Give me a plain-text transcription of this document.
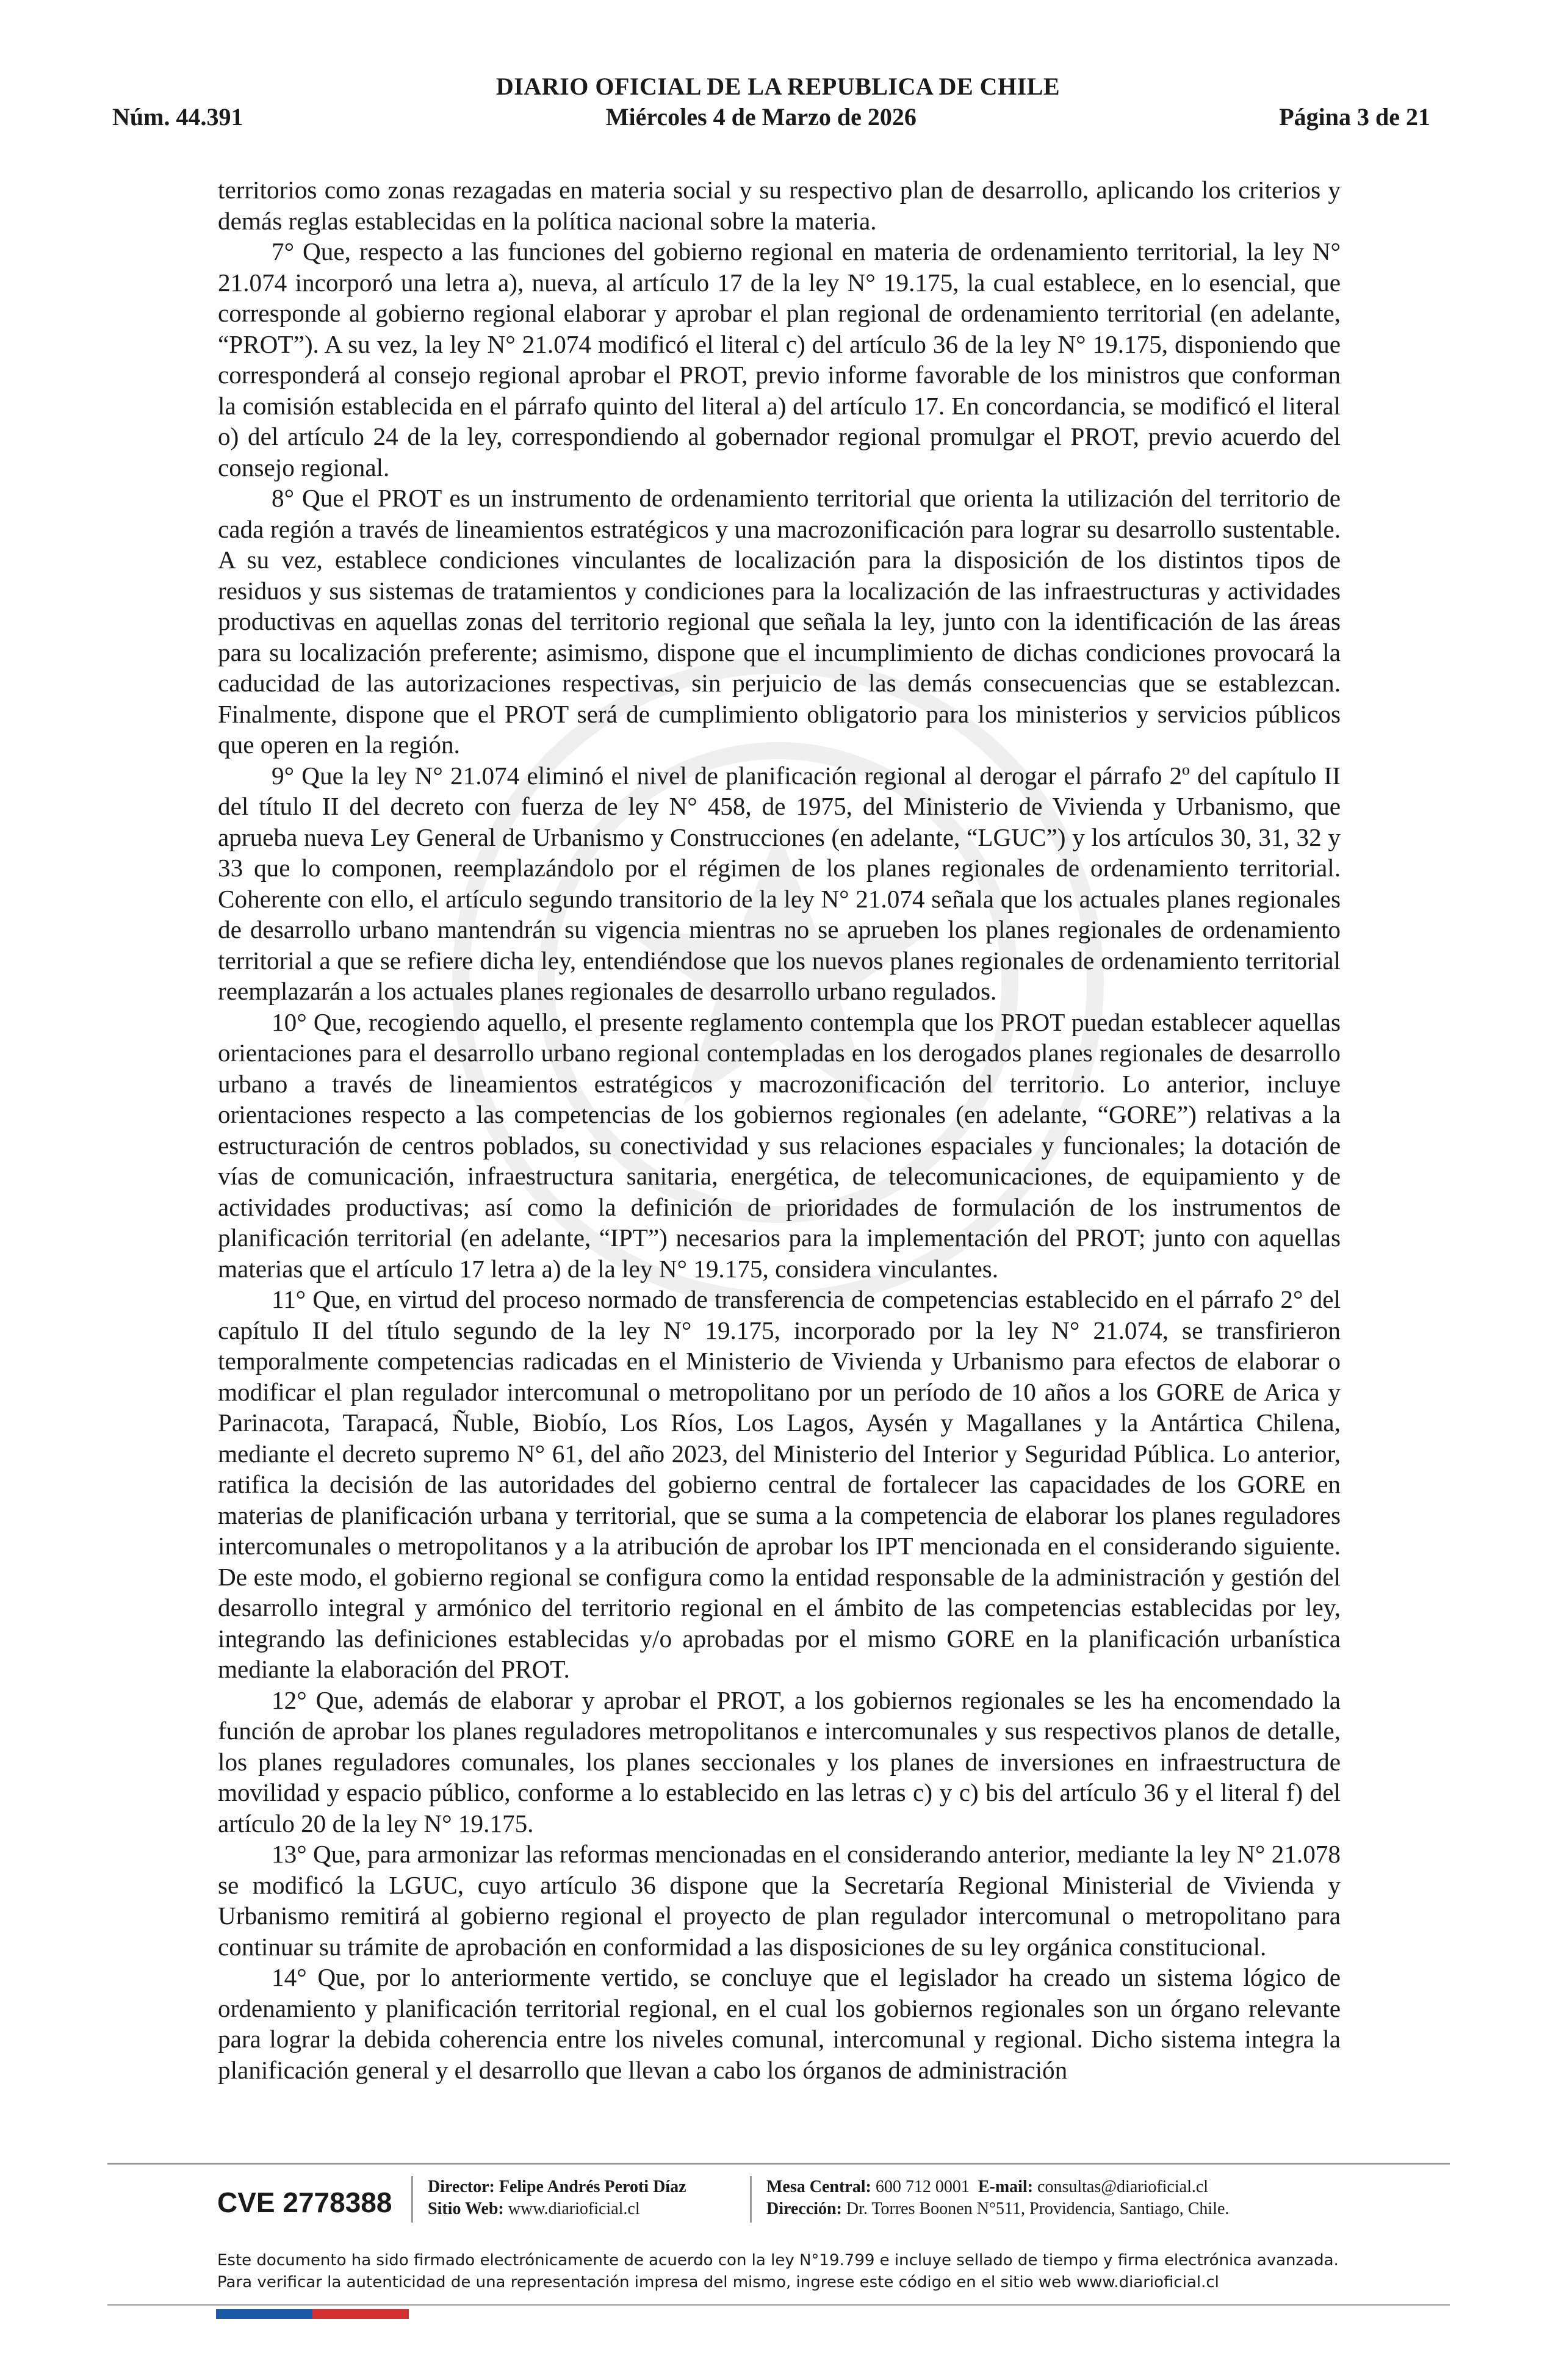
DIARIO OFICIAL DE LA REPUBLICA DE CHILE
Núm. 44.391	Miércoles 4 de Marzo de 2026	Página 3 de 21

territorios como zonas rezagadas en materia social y su respectivo plan de desarrollo, aplicando los criterios y demás reglas establecidas en la política nacional sobre la materia.

7° Que, respecto a las funciones del gobierno regional en materia de ordenamiento territorial, la ley N° 21.074 incorporó una letra a), nueva, al artículo 17 de la ley N° 19.175, la cual establece, en lo esencial, que corresponde al gobierno regional elaborar y aprobar el plan regional de ordenamiento territorial (en adelante, “PROT”). A su vez, la ley N° 21.074 modificó el literal c) del artículo 36 de la ley N° 19.175, disponiendo que corresponderá al consejo regional aprobar el PROT, previo informe favorable de los ministros que conforman la comisión establecida en el párrafo quinto del literal a) del artículo 17. En concordancia, se modificó el literal o) del artículo 24 de la ley, correspondiendo al gobernador regional promulgar el PROT, previo acuerdo del consejo regional.

8° Que el PROT es un instrumento de ordenamiento territorial que orienta la utilización del territorio de cada región a través de lineamientos estratégicos y una macrozonificación para lograr su desarrollo sustentable. A su vez, establece condiciones vinculantes de localización para la disposición de los distintos tipos de residuos y sus sistemas de tratamientos y condiciones para la localización de las infraestructuras y actividades productivas en aquellas zonas del territorio regional que señala la ley, junto con la identificación de las áreas para su localización preferente; asimismo, dispone que el incumplimiento de dichas condiciones provocará la caducidad de las autorizaciones respectivas, sin perjuicio de las demás consecuencias que se establezcan. Finalmente, dispone que el PROT será de cumplimiento obligatorio para los ministerios y servicios públicos que operen en la región.

9° Que la ley N° 21.074 eliminó el nivel de planificación regional al derogar el párrafo 2º del capítulo II del título II del decreto con fuerza de ley N° 458, de 1975, del Ministerio de Vivienda y Urbanismo, que aprueba nueva Ley General de Urbanismo y Construcciones (en adelante, “LGUC”) y los artículos 30, 31, 32 y 33 que lo componen, reemplazándolo por el régimen de los planes regionales de ordenamiento territorial. Coherente con ello, el artículo segundo transitorio de la ley N° 21.074 señala que los actuales planes regionales de desarrollo urbano mantendrán su vigencia mientras no se aprueben los planes regionales de ordenamiento territorial a que se refiere dicha ley, entendiéndose que los nuevos planes regionales de ordenamiento territorial reemplazarán a los actuales planes regionales de desarrollo urbano regulados.

10° Que, recogiendo aquello, el presente reglamento contempla que los PROT puedan establecer aquellas orientaciones para el desarrollo urbano regional contempladas en los derogados planes regionales de desarrollo urbano a través de lineamientos estratégicos y macrozonificación del territorio. Lo anterior, incluye orientaciones respecto a las competencias de los gobiernos regionales (en adelante, “GORE”) relativas a la estructuración de centros poblados, su conectividad y sus relaciones espaciales y funcionales; la dotación de vías de comunicación, infraestructura sanitaria, energética, de telecomunicaciones, de equipamiento y de actividades productivas; así como la definición de prioridades de formulación de los instrumentos de planificación territorial (en adelante, “IPT”) necesarios para la implementación del PROT; junto con aquellas materias que el artículo 17 letra a) de la ley N° 19.175, considera vinculantes.

11° Que, en virtud del proceso normado de transferencia de competencias establecido en el párrafo 2° del capítulo II del título segundo de la ley N° 19.175, incorporado por la ley N° 21.074, se transfirieron temporalmente competencias radicadas en el Ministerio de Vivienda y Urbanismo para efectos de elaborar o modificar el plan regulador intercomunal o metropolitano por un período de 10 años a los GORE de Arica y Parinacota, Tarapacá, Ñuble, Biobío, Los Ríos, Los Lagos, Aysén y Magallanes y la Antártica Chilena, mediante el decreto supremo N° 61, del año 2023, del Ministerio del Interior y Seguridad Pública. Lo anterior, ratifica la decisión de las autoridades del gobierno central de fortalecer las capacidades de los GORE en materias de planificación urbana y territorial, que se suma a la competencia de elaborar los planes reguladores intercomunales o metropolitanos y a la atribución de aprobar los IPT mencionada en el considerando siguiente. De este modo, el gobierno regional se configura como la entidad responsable de la administración y gestión del desarrollo integral y armónico del territorio regional en el ámbito de las competencias establecidas por ley, integrando las definiciones establecidas y/o aprobadas por el mismo GORE en la planificación urbanística mediante la elaboración del PROT.

12° Que, además de elaborar y aprobar el PROT, a los gobiernos regionales se les ha encomendado la función de aprobar los planes reguladores metropolitanos e intercomunales y sus respectivos planos de detalle, los planes reguladores comunales, los planes seccionales y los planes de inversiones en infraestructura de movilidad y espacio público, conforme a lo establecido en las letras c) y c) bis del artículo 36 y el literal f) del artículo 20 de la ley N° 19.175.

13° Que, para armonizar las reformas mencionadas en el considerando anterior, mediante la ley N° 21.078 se modificó la LGUC, cuyo artículo 36 dispone que la Secretaría Regional Ministerial de Vivienda y Urbanismo remitirá al gobierno regional el proyecto de plan regulador intercomunal o metropolitano para continuar su trámite de aprobación en conformidad a las disposiciones de su ley orgánica constitucional.

14° Que, por lo anteriormente vertido, se concluye que el legislador ha creado un sistema lógico de ordenamiento y planificación territorial regional, en el cual los gobiernos regionales son un órgano relevante para lograr la debida coherencia entre los niveles comunal, intercomunal y regional. Dicho sistema integra la planificación general y el desarrollo que llevan a cabo los órganos de administración

CVE 2778388	Director: Felipe Andrés Peroti Díaz
Sitio Web: www.diarioficial.cl
Mesa Central: 600 712 0001 E-mail: consultas@diarioficial.cl
Dirección: Dr. Torres Boonen N°511, Providencia, Santiago, Chile.
Este documento ha sido firmado electrónicamente de acuerdo con la ley N°19.799 e incluye sellado de tiempo y firma electrónica avanzada. Para verificar la autenticidad de una representación impresa del mismo, ingrese este código en el sitio web www.diarioficial.cl
